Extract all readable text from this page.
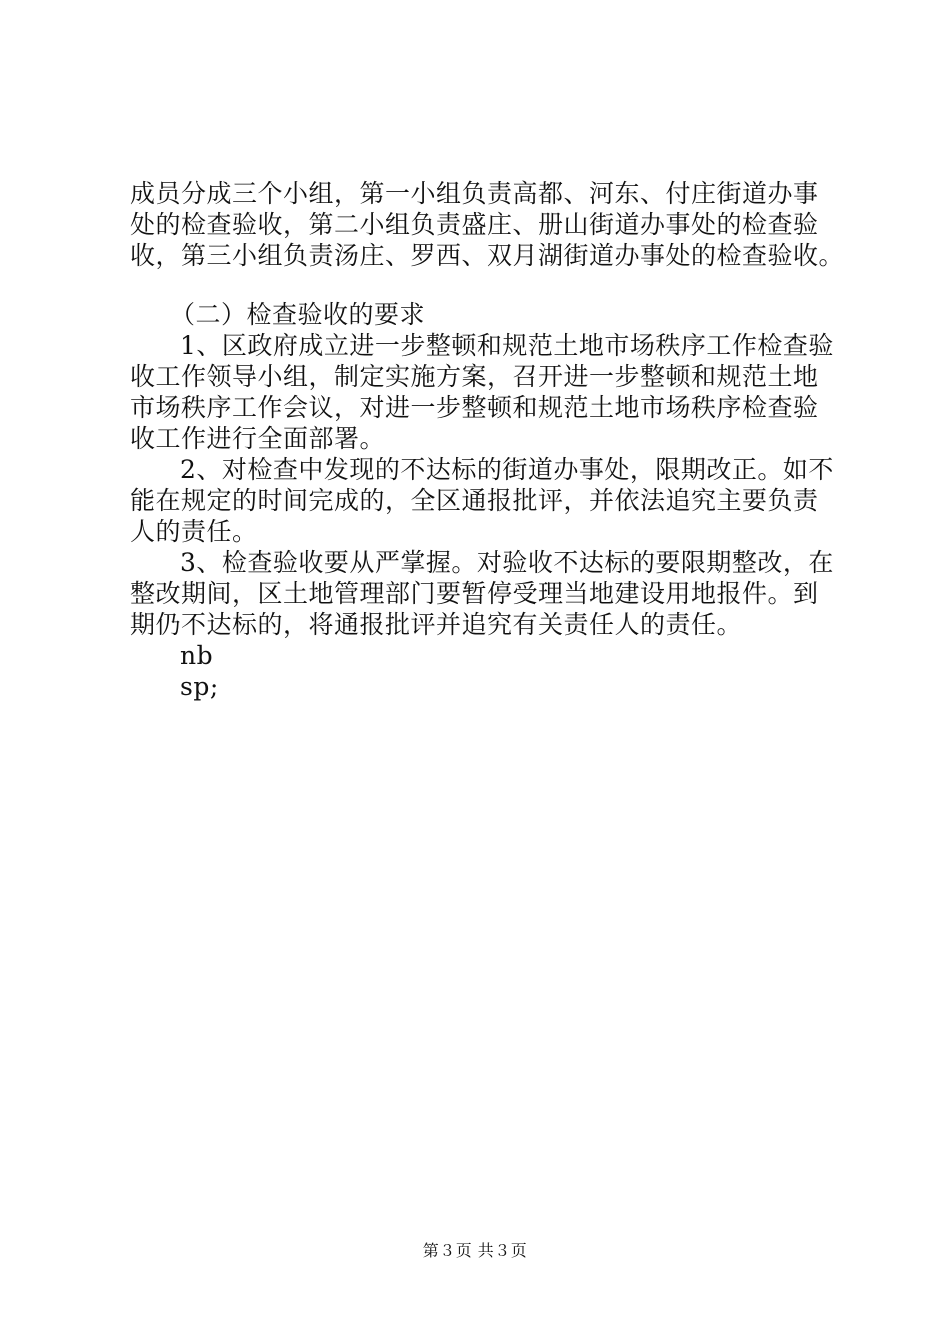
成员分成三个小组，第一小组负责高都、河东、付庄街道办事
处的检查验收，第二小组负责盛庄、册山街道办事处的检查验
收，第三小组负责汤庄、罗西、双月湖街道办事处的检查验收。
（二）检查验收的要求
1、区政府成立进一步整顿和规范土地市场秩序工作检查验
收工作领导小组，制定实施方案，召开进一步整顿和规范土地
市场秩序工作会议，对进一步整顿和规范土地市场秩序检查验
收工作进行全面部署。
2、对检查中发现的不达标的街道办事处，限期改正。如不
能在规定的时间完成的，全区通报批评，并依法追究主要负责
人的责任。
3、检查验收要从严掌握。对验收不达标的要限期整改，在
整改期间，区土地管理部门要暂停受理当地建设用地报件。到
期仍不达标的，将通报批评并追究有关责任人的责任。
nb
sp;
第３页 共３页
